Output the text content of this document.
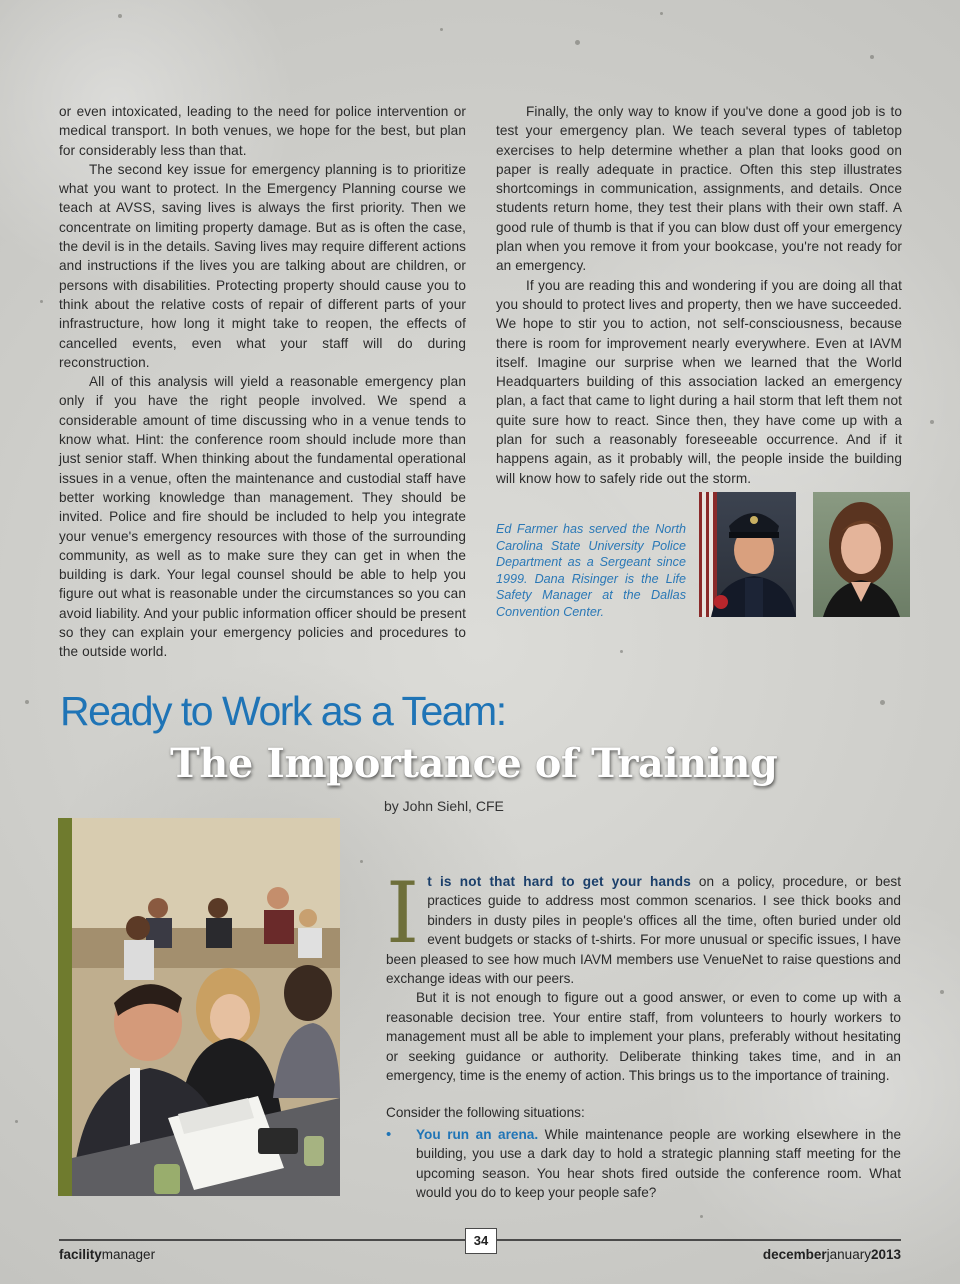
or even intoxicated, leading to the need for police intervention or medical transport. In both venues, we hope for the best, but plan for considerably less than that.

The second key issue for emergency planning is to prioritize what you want to protect. In the Emergency Planning course we teach at AVSS, saving lives is always the first priority. Then we concentrate on limiting property damage. But as is often the case, the devil is in the details. Saving lives may require different actions and instructions if the lives you are talking about are children, or persons with disabilities. Protecting property should cause you to think about the relative costs of repair of different parts of your infrastructure, how long it might take to reopen, the effects of cancelled events, even what your staff will do during reconstruction.

All of this analysis will yield a reasonable emergency plan only if you have the right people involved. We spend a considerable amount of time discussing who in a venue tends to know what. Hint: the conference room should include more than just senior staff. When thinking about the fundamental operational issues in a venue, often the maintenance and custodial staff have better working knowledge than management. They should be invited. Police and fire should be included to help you integrate your venue's emergency resources with those of the surrounding community, as well as to make sure they can get in when the building is dark. Your legal counsel should be able to help you figure out what is reasonable under the circumstances so you can avoid liability. And your public information officer should be present so they can explain your emergency policies and procedures to the outside world.

Finally, the only way to know if you've done a good job is to test your emergency plan. We teach several types of tabletop exercises to help determine whether a plan that looks good on paper is really adequate in practice. Often this step illustrates shortcomings in communication, assignments, and details. Once students return home, they test their plans with their own staff. A good rule of thumb is that if you can blow dust off your emergency plan when you remove it from your bookcase, you're not ready for an emergency.

If you are reading this and wondering if you are doing all that you should to protect lives and property, then we have succeeded. We hope to stir you to action, not self-consciousness, because there is room for improvement nearly everywhere. Even at IAVM itself. Imagine our surprise when we learned that the World Headquarters building of this association lacked an emergency plan, a fact that came to light during a hail storm that left them not quite sure how to react. Since then, they have come up with a plan for such a reasonably foreseeable occurrence. And if it happens again, as it probably will, the people inside the building will know how to safely ride out the storm.

Ed Farmer has served the North Carolina State University Police Department as a Sergeant since 1999. Dana Risinger is the Life Safety Manager at the Dallas Convention Center.
Ready to Work as a Team:
The Importance of Training
by John Siehl, CFE

It is not that hard to get your hands on a policy, procedure, or best practices guide to address most common scenarios. I see thick books and binders in dusty piles in people's offices all the time, often buried under old event budgets or stacks of t-shirts. For more unusual or specific issues, I have been pleased to see how much IAVM members use VenueNet to raise questions and exchange ideas with our peers.

But it is not enough to figure out a good answer, or even to come up with a reasonable decision tree. Your entire staff, from volunteers to hourly workers to management must all be able to implement your plans, preferably without hesitating or seeking guidance or authority. Deliberate thinking takes time, and in an emergency, time is the enemy of action. This brings us to the importance of training.

Consider the following situations:

•	You run an arena. While maintenance people are working elsewhere in the building, you use a dark day to hold a strategic planning staff meeting for the upcoming season. You hear shots fired outside the conference room. What would you do to keep your people safe?
34
facilitymanager	decemberjanuary2013
